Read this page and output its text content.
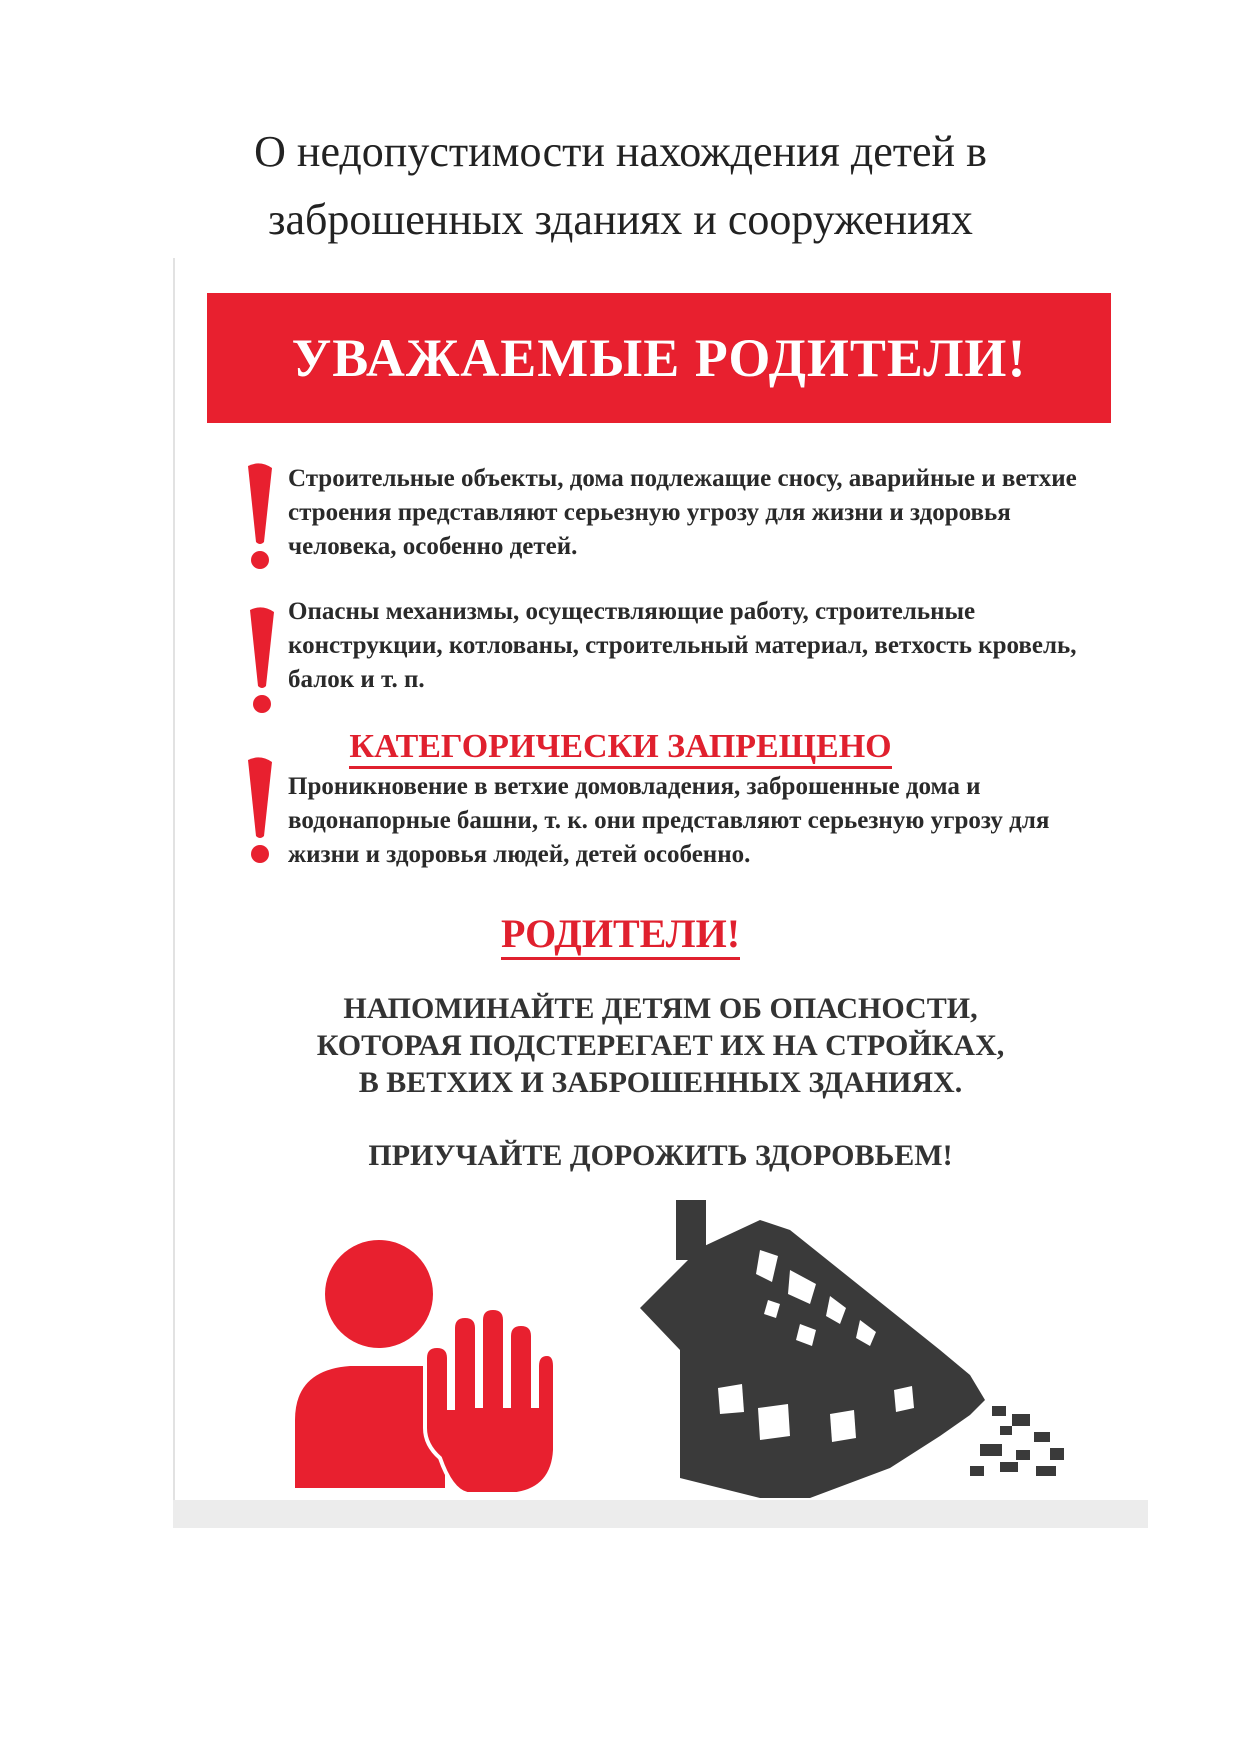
О недопустимости нахождения детей в
заброшенных зданиях и сооружениях
УВАЖАЕМЫЕ РОДИТЕЛИ!
Строительные объекты, дома подлежащие сносу, аварийные и ветхие строения представляют серьезную угрозу для жизни и здоровья человека, особенно детей.
Опасны механизмы, осуществляющие работу, строительные конструкции, котлованы, строительный материал, ветхость кровель, балок и т. п.
КАТЕГОРИЧЕСКИ ЗАПРЕЩЕНО
Проникновение в ветхие домовладения, заброшенные дома и водонапорные башни, т. к. они представляют серьезную угрозу для жизни и здоровья людей, детей особенно.
РОДИТЕЛИ!
НАПОМИНАЙТЕ ДЕТЯМ ОБ ОПАСНОСТИ,
КОТОРАЯ ПОДСТЕРЕГАЕТ ИХ НА СТРОЙКАХ,
В ВЕТХИХ И ЗАБРОШЕННЫХ ЗДАНИЯХ.
ПРИУЧАЙТЕ ДОРОЖИТЬ ЗДОРОВЬЕМ!
